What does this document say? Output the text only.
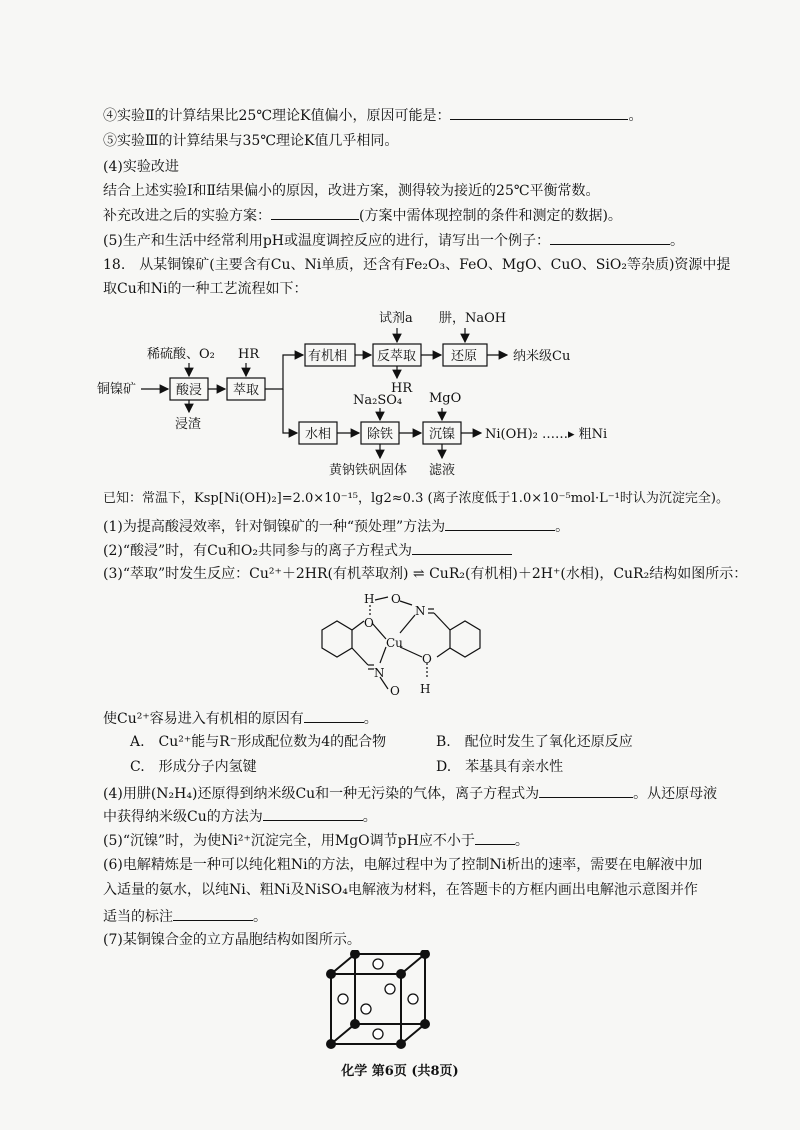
④实验Ⅱ的计算结果比25℃理论K值偏小，原因可能是：	。
⑤实验Ⅲ的计算结果与35℃理论K值几乎相同。
(4)实验改进
结合上述实验Ⅰ和Ⅱ结果偏小的原因，改进方案，测得较为接近的25℃平衡常数。
补充改进之后的实验方案：	(方案中需体现控制的条件和测定的数据)。
(5)生产和生活中经常利用pH或温度调控反应的进行，请写出一个例子：	。
18.　从某铜镍矿(主要含有Cu、Ni单质，还含有Fe₂O₃、FeO、MgO、CuO、SiO₂等杂质)资源中提
取Cu和Ni的一种工艺流程如下：
铜镍矿
稀硫酸、O₂ HR
酸浸
浸渣
萃取
有机相
试剂a
反萃取
HR
肼，NaOH
还原	纳米级Cu
水相
Na₂SO₄
除铁
黄钠铁矾固体
MgO
沉镍
滤液
Ni(OH)₂ ……▸ 粗Ni
已知：常温下，Ksp[Ni(OH)₂]=2.0×10⁻¹⁵，lg2≈0.3 (离子浓度低于1.0×10⁻⁵mol·L⁻¹时认为沉淀完全)。
(1)为提高酸浸效率，针对铜镍矿的一种“预处理”方法为	。
(2)“酸浸”时，有Cu和O₂共同参与的离子方程式为
(3)“萃取”时发生反应：Cu²⁺＋2HR(有机萃取剂) ⇌ CuR₂(有机相)＋2H⁺(水相)，CuR₂结构如图所示：
H O
N
O
Cu
O
N
O H
使Cu²⁺容易进入有机相的原因有	。
A.　Cu²⁺能与R⁻形成配位数为4的配合物	B.　配位时发生了氧化还原反应
C.　形成分子内氢键	D.　苯基具有亲水性
(4)用肼(N₂H₄)还原得到纳米级Cu和一种无污染的气体，离子方程式为	。从还原母液
中获得纳米级Cu的方法为	。
(5)“沉镍”时，为使Ni²⁺沉淀完全，用MgO调节pH应不小于	。
(6)电解精炼是一种可以纯化粗Ni的方法，电解过程中为了控制Ni析出的速率，需要在电解液中加
入适量的氨水，以纯Ni、粗Ni及NiSO₄电解液为材料，在答题卡的方框内画出电解池示意图并作
适当的标注	。
(7)某铜镍合金的立方晶胞结构如图所示。
化学 第6页 (共8页)
